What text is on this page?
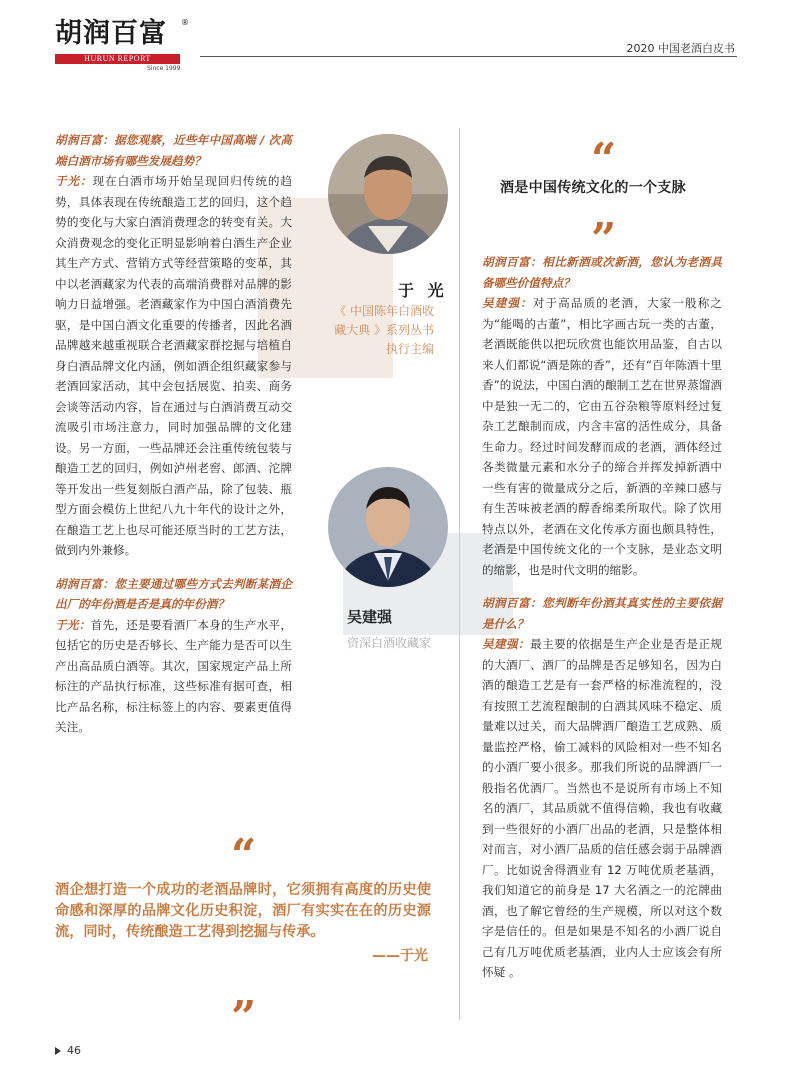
胡润百富 ®
HURUN REPORT
Since 1999
2020 中国老酒白皮书
胡润百富：据您观察，近些年中国高端 / 次高端白酒市场有哪些发展趋势？
于光：现在白酒市场开始呈现回归传统的趋势，具体表现在传统酿造工艺的回归，这个趋势的变化与大家白酒消费理念的转变有关。大众消费观念的变化正明显影响着白酒生产企业其生产方式、营销方式等经营策略的变革，其中以老酒藏家为代表的高端消费群对品牌的影响力日益增强。老酒藏家作为中国白酒消费先驱，是中国白酒文化重要的传播者，因此名酒品牌越来越重视联合老酒藏家群挖掘与培植自身白酒品牌文化内涵，例如酒企组织藏家参与老酒回家活动，其中会包括展览、拍卖、商务会谈等活动内容，旨在通过与白酒消费互动交流吸引市场注意力，同时加强品牌的文化建设。另一方面，一些品牌还会注重传统包装与酿造工艺的回归，例如泸州老窖、郎酒、沱牌等开发出一些复刻版白酒产品，除了包装、瓶型方面会模仿上世纪八九十年代的设计之外，在酿造工艺上也尽可能还原当时的工艺方法，做到内外兼修。
胡润百富：您主要通过哪些方式去判断某酒企出厂的年份酒是否是真的年份酒？
于光：首先，还是要看酒厂本身的生产水平，包括它的历史是否够长、生产能力是否可以生产出高品质白酒等。其次，国家规定产品上所标注的产品执行标准，这些标准有据可查，相比产品名称，标注标签上的内容、要素更值得关注。
于 光
《 中国陈年白酒收藏大典 》系列丛书执行主编
吴建强
资深白酒收藏家
“
酒是中国传统文化的一个支脉
”
胡润百富：相比新酒或次新酒，您认为老酒具备哪些价值特点？
吴建强：对于高品质的老酒，大家一般称之为“能喝的古董”，相比字画古玩一类的古董，老酒既能供以把玩欣赏也能饮用品鉴，自古以来人们都说“酒是陈的香”，还有“百年陈酒十里香”的说法，中国白酒的酿制工艺在世界蒸馏酒中是独一无二的，它由五谷杂粮等原料经过复杂工艺酿制而成，内含丰富的活性成分，具备生命力。经过时间发酵而成的老酒，酒体经过各类微量元素和水分子的缔合并挥发掉新酒中一些有害的微量成分之后，新酒的辛辣口感与有生苦味被老酒的醇香绵柔所取代。除了饮用特点以外，老酒在文化传承方面也颇具特性，老酒是中国传统文化的一个支脉，是业态文明的缩影，也是时代文明的缩影。
胡润百富：您判断年份酒其真实性的主要依据是什么？
吴建强：最主要的依据是生产企业是否是正规的大酒厂、酒厂的品牌是否足够知名，因为白酒的酿造工艺是有一套严格的标准流程的，没有按照工艺流程酿制的白酒其风味不稳定、质量难以过关，而大品牌酒厂酿造工艺成熟、质量监控严格，偷工减料的风险相对一些不知名的小酒厂要小很多。那我们所说的品牌酒厂一般指名优酒厂。当然也不是说所有市场上不知名的酒厂，其品质就不值得信赖，我也有收藏到一些很好的小酒厂出品的老酒，只是整体相对而言，对小酒厂品质的信任感会弱于品牌酒厂。比如说舍得酒业有 12 万吨优质老基酒，我们知道它的前身是 17 大名酒之一的沱牌曲酒，也了解它曾经的生产规模，所以对这个数字是信任的。但是如果是不知名的小酒厂说自己有几万吨优质老基酒，业内人士应该会有所怀疑 。
“
酒企想打造一个成功的老酒品牌时，它须拥有高度的历史使命感和深厚的品牌文化历史积淀，酒厂有实实在在的历史源流，同时，传统酿造工艺得到挖掘与传承。
——于光
”
46
